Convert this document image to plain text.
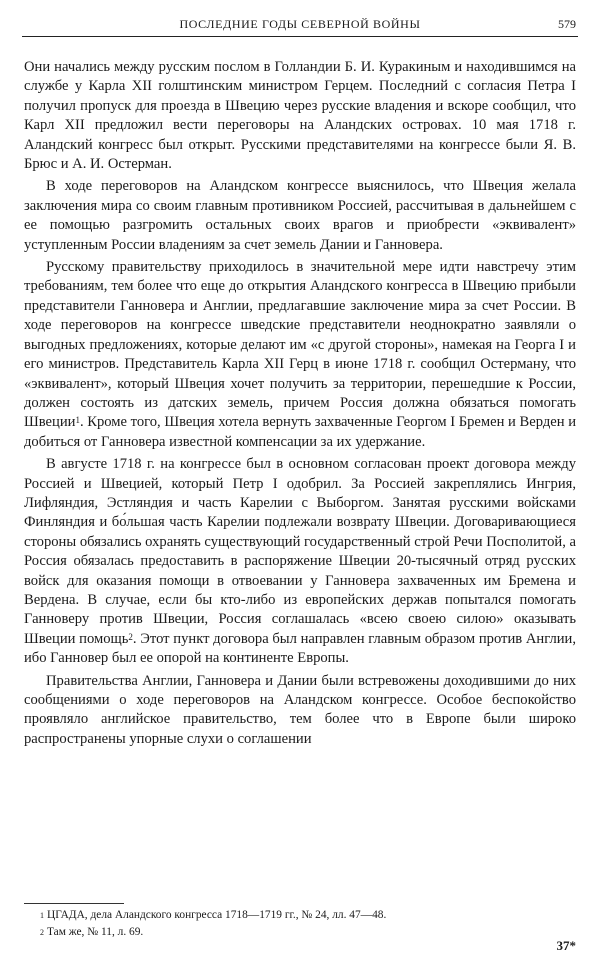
ПОСЛЕДНИЕ ГОДЫ СЕВЕРНОЙ ВОЙНЫ	579

Они начались между русским послом в Голландии Б. И. Куракиным и находившимся на службе у Карла XII голштинским министром Герцем. Последний с согласия Петра I получил пропуск для проезда в Швецию через русские владения и вскоре сообщил, что Карл XII предложил вести переговоры на Аландских островах. 10 мая 1718 г. Аландский конгресс был открыт. Русскими представителями на конгрессе были Я. В. Брюс и А. И. Остерман.

В ходе переговоров на Аландском конгрессе выяснилось, что Швеция желала заключения мира со своим главным противником Россией, рассчитывая в дальнейшем с ее помощью разгромить остальных своих врагов и приобрести «эквивалент» уступленным России владениям за счет земель Дании и Ганновера.

Русскому правительству приходилось в значительной мере идти навстречу этим требованиям, тем более что еще до открытия Аландского конгресса в Швецию прибыли представители Ганновера и Англии, предлагавшие заключение мира за счет России. В ходе переговоров на конгрессе шведские представители неоднократно заявляли о выгодных предложениях, которые делают им «с другой стороны», намекая на Георга I и его министров. Представитель Карла XII Герц в июне 1718 г. сообщил Остерману, что «эквивалент», который Швеция хочет получить за территории, перешедшие к России, должен состоять из датских земель, причем Россия должна обязаться помогать Швеции$^1$. Кроме того, Швеция хотела вернуть захваченные Георгом I Бремен и Верден и добиться от Ганновера известной компенсации за их удержание.

В августе 1718 г. на конгрессе был в основном согласован проект договора между Россией и Швецией, который Петр I одобрил. За Россией закреплялись Ингрия, Лифляндия, Эстляндия и часть Карелии с Выборгом. Занятая русскими войсками Финляндия и бо́льшая часть Карелии подлежали возврату Швеции. Договаривающиеся стороны обязались охранять существующий государственный строй Речи Посполитой, а Россия обязалась предоставить в распоряжение Швеции 20-тысячный отряд русских войск для оказания помощи в отвоевании у Ганновера захваченных им Бремена и Вердена. В случае, если бы кто-либо из европейских держав попытался помогать Ганноверу против Швеции, Россия соглашалась «всею своею силою» оказывать Швеции помощь$^2$. Этот пункт договора был направлен главным образом против Англии, ибо Ганновер был ее опорой на континенте Европы.

Правительства Англии, Ганновера и Дании были встревожены доходившими до них сообщениями о ходе переговоров на Аландском конгрессе. Особое беспокойство проявляло английское правительство, тем более что в Европе были широко распространены упорные слухи о соглашении

$^1$ ЦГАДА, дела Аландского конгресса 1718—1719 гг., № 24, лл. 47—48.
$^2$ Там же, № 11, л. 69.
37*
